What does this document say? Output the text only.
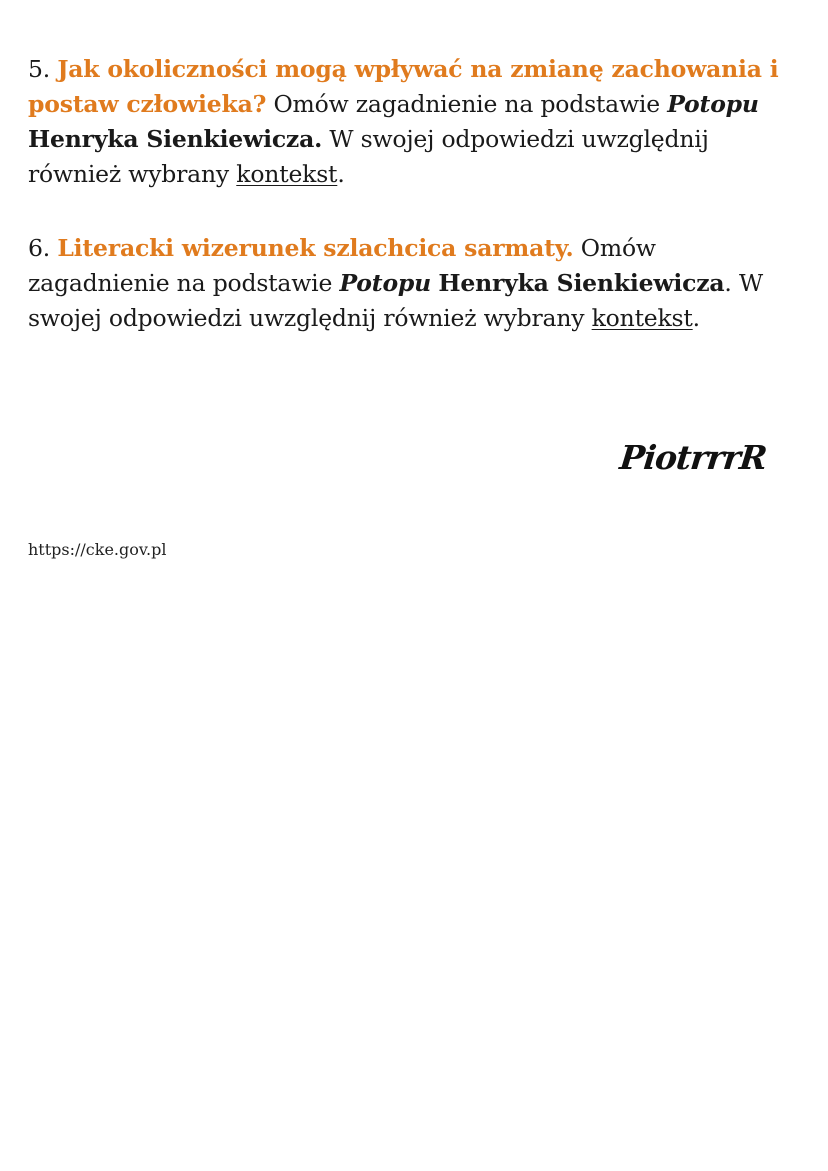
5. Jak okoliczności mogą wpływać na zmianę zachowania i postaw człowieka? Omów zagadnienie na podstawie Potopu Henryka Sienkiewicza. W swojej odpowiedzi uwzględnij również wybrany kontekst.

6. Literacki wizerunek szlachcica sarmaty. Omów zagadnienie na podstawie Potopu Henryka Sienkiewicza. W swojej odpowiedzi uwzględnij również wybrany kontekst.

PiotrrrR
https://cke.gov.pl
